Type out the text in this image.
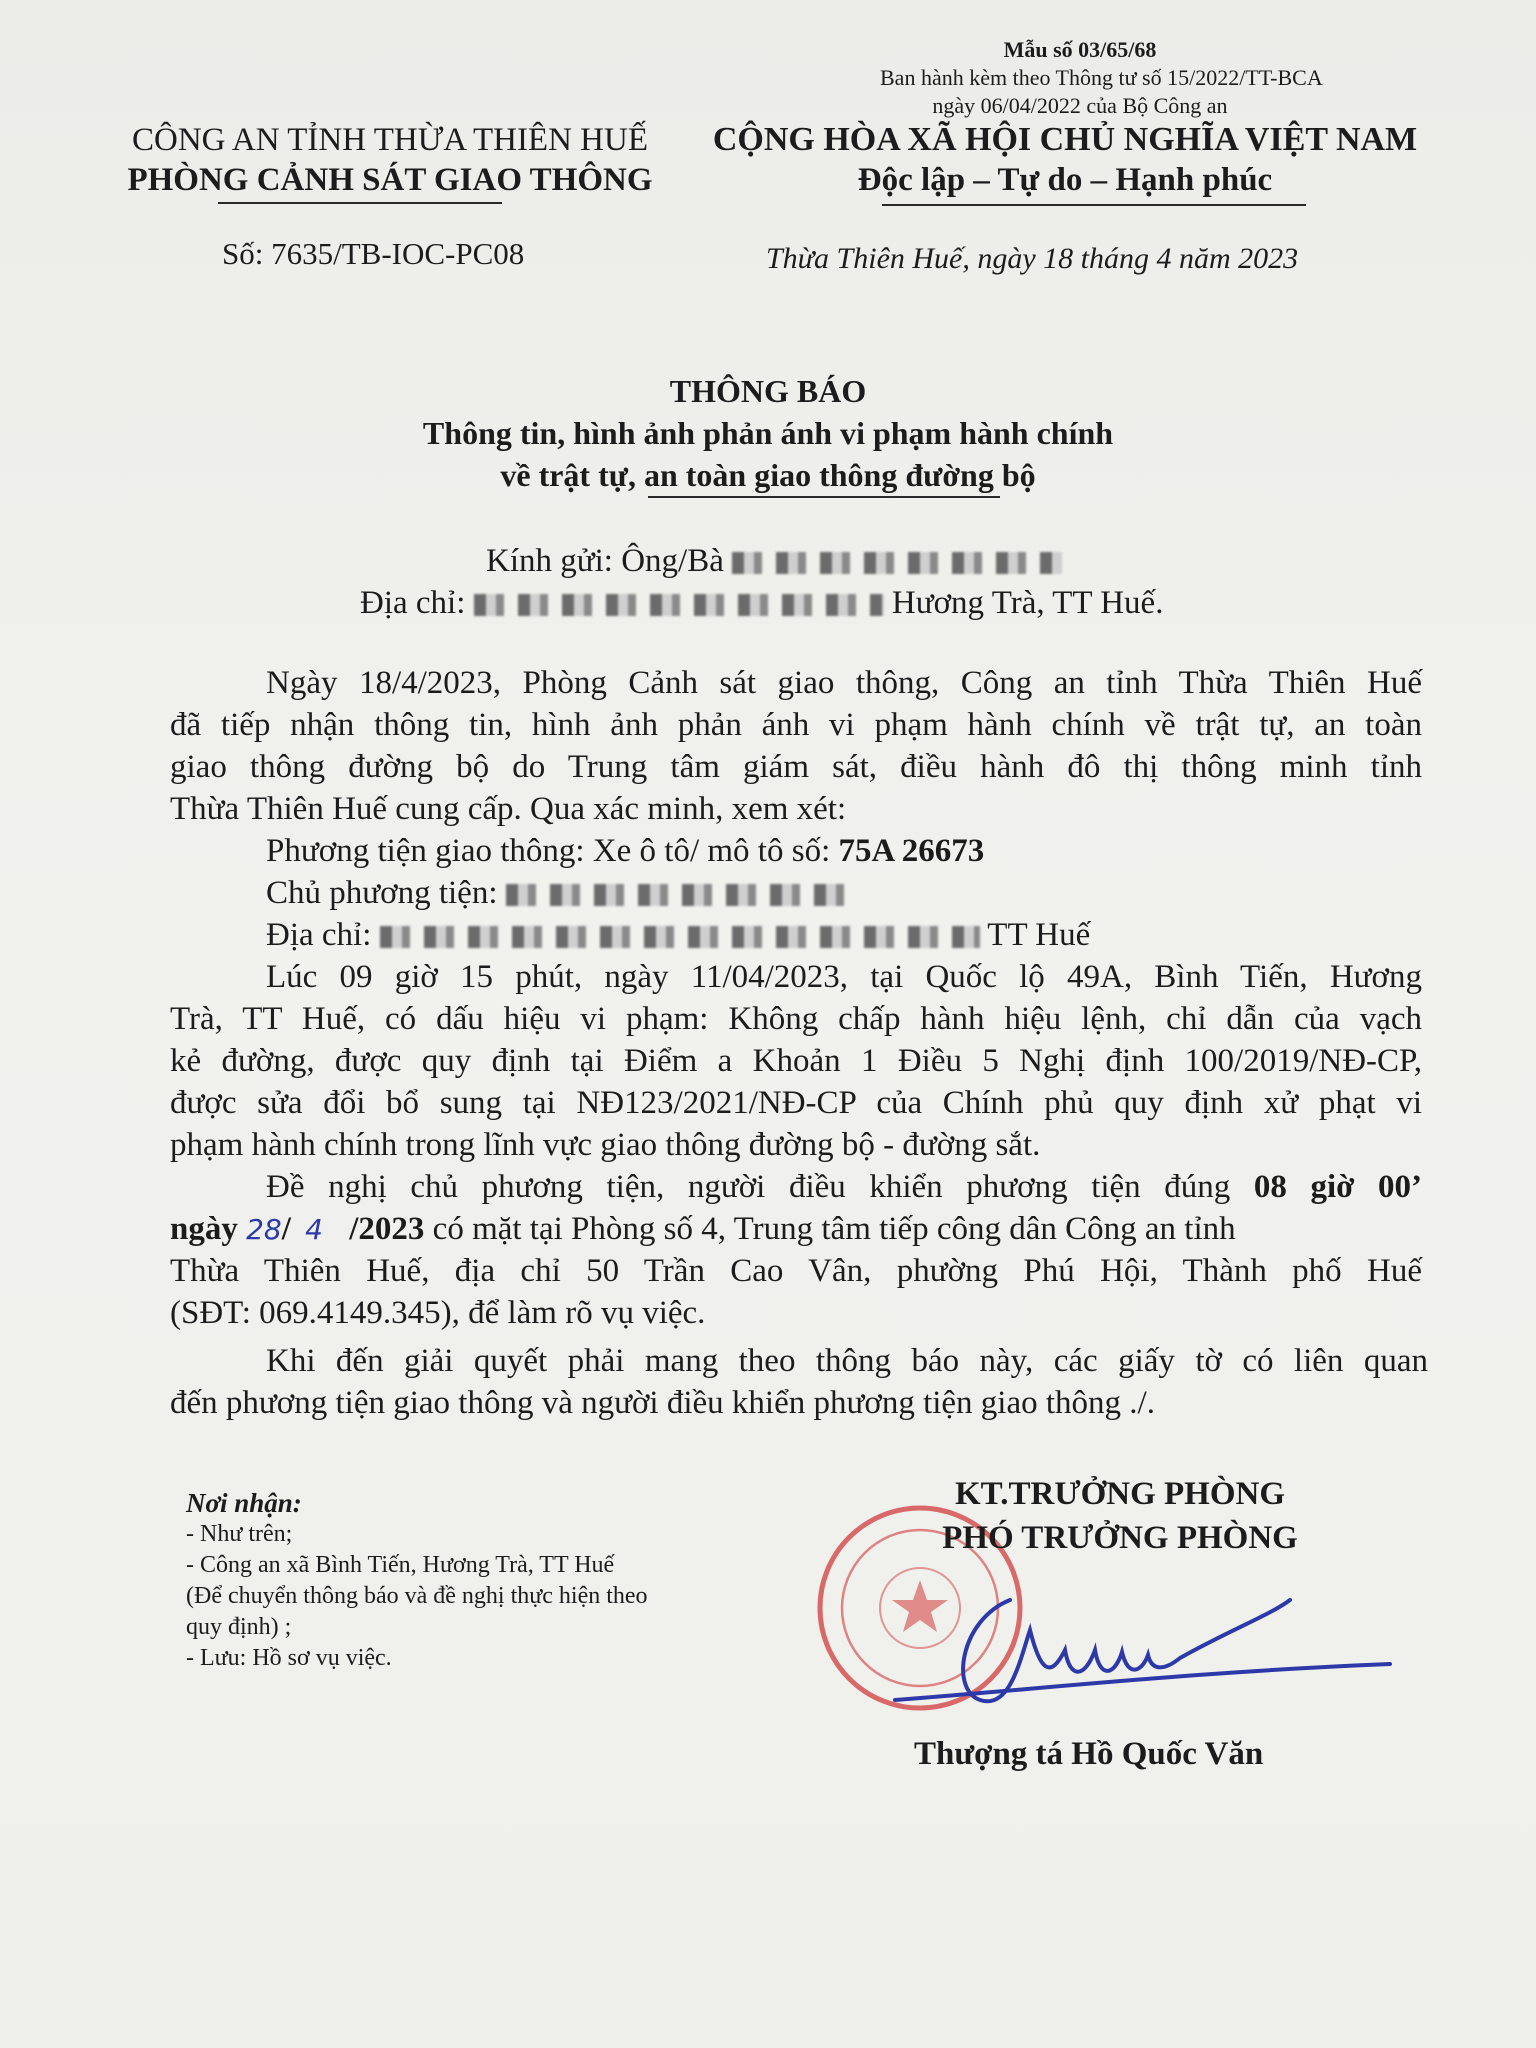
Mẫu số 03/65/68
Ban hành kèm theo Thông tư số 15/2022/TT-BCA
ngày 06/04/2022 của Bộ Công an
CÔNG AN TỈNH THỪA THIÊN HUẾ
PHÒNG CẢNH SÁT GIAO THÔNG
Số: 7635/TB-IOC-PC08
CỘNG HÒA XÃ HỘI CHỦ NGHĨA VIỆT NAM
Độc lập – Tự do – Hạnh phúc
Thừa Thiên Huế, ngày 18 tháng 4 năm 2023
THÔNG BÁO
Thông tin, hình ảnh phản ánh vi phạm hành chính
về trật tự, an toàn giao thông đường bộ
Kính gửi: Ông/Bà
Địa chỉ:	Hương Trà, TT Huế.
Ngày 18/4/2023, Phòng Cảnh sát giao thông, Công an tỉnh Thừa Thiên Huế
đã tiếp nhận thông tin, hình ảnh phản ánh vi phạm hành chính về trật tự, an toàn
giao thông đường bộ do Trung tâm giám sát, điều hành đô thị thông minh tỉnh
Thừa Thiên Huế cung cấp. Qua xác minh, xem xét:
Phương tiện giao thông: Xe ô tô/ mô tô số: 75A 26673
Chủ phương tiện:
Địa chỉ:	TT Huế
Lúc 09 giờ 15 phút, ngày 11/04/2023, tại Quốc lộ 49A, Bình Tiến, Hương
Trà, TT Huế, có dấu hiệu vi phạm: Không chấp hành hiệu lệnh, chỉ dẫn của vạch
kẻ đường, được quy định tại Điểm a Khoản 1 Điều 5 Nghị định 100/2019/NĐ-CP,
được sửa đổi bổ sung tại NĐ123/2021/NĐ-CP của Chính phủ quy định xử phạt vi
phạm hành chính trong lĩnh vực giao thông đường bộ - đường sắt.
Đề nghị chủ phương tiện, người điều khiển phương tiện đúng 08 giờ 00’
ngày 28/ 4 /2023 có mặt tại Phòng số 4, Trung tâm tiếp công dân Công an tỉnh
Thừa Thiên Huế, địa chỉ 50 Trần Cao Vân, phường Phú Hội, Thành phố Huế
(SĐT: 069.4149.345), để làm rõ vụ việc.
Khi đến giải quyết phải mang theo thông báo này, các giấy tờ có liên quan
đến phương tiện giao thông và người điều khiển phương tiện giao thông ./.
Nơi nhận:
- Như trên;
- Công an xã Bình Tiến, Hương Trà, TT Huế
(Để chuyển thông báo và đề nghị thực hiện theo
quy định) ;
- Lưu: Hồ sơ vụ việc.
KT.TRƯỞNG PHÒNG
PHÓ TRƯỞNG PHÒNG
Thượng tá Hồ Quốc Văn
